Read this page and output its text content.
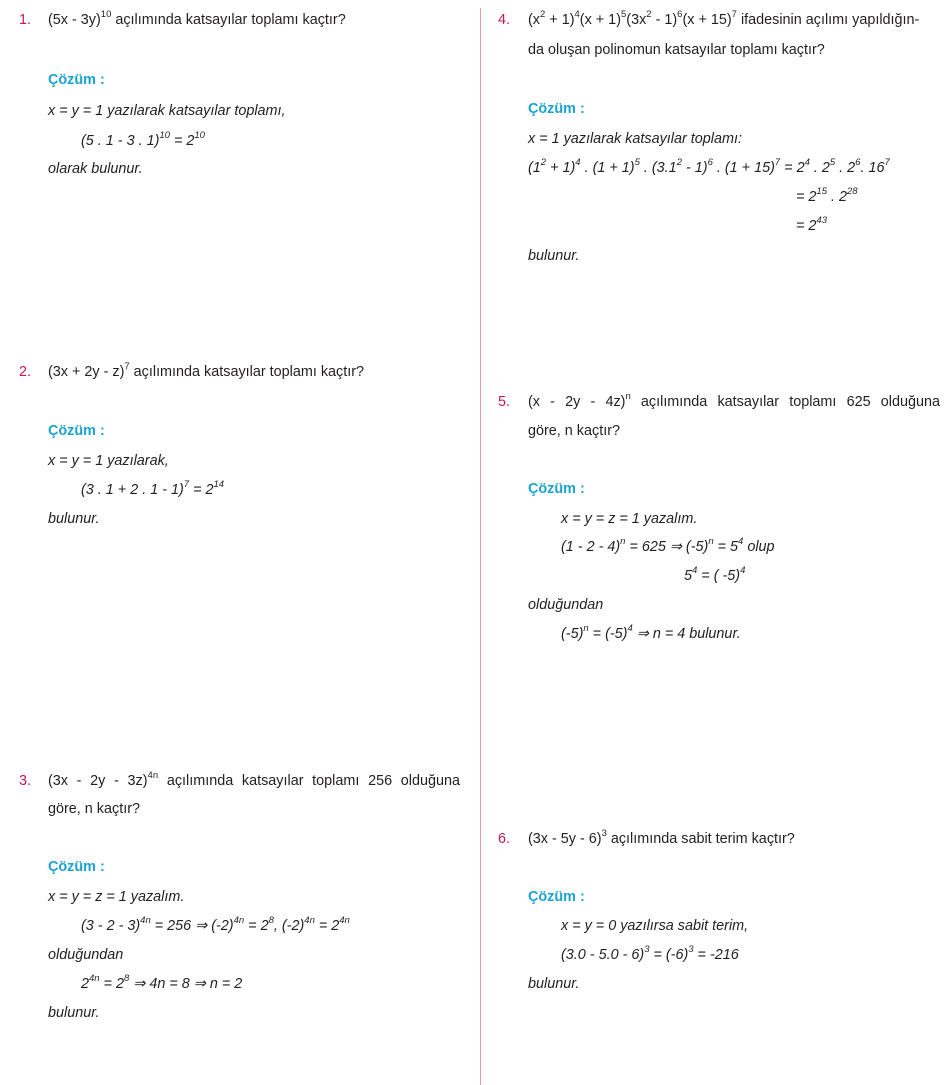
1. (5x - 3y)$^{10}$ açılımında katsayılar toplamı kaçtır?
Çözüm :
x = y = 1 yazılarak katsayılar toplamı,
(5 . 1 - 3 . $1)^{10} = 2^{10}$
olarak bulunur.
2. $(3x + 2y - z)^7$ açılımında katsayılar toplamı kaçtır?
Çözüm :
x = y = 1 yazılarak,
(3 . 1 + 2 . $1 - 1)^7 = 2^{14}$
bulunur.
3. (3x - 2y - 3z)$^{4n}$ açılımında katsayılar toplamı 256 olduğuna
göre, n kaçtır?
Çözüm :
x = y = z = 1 yazalım.
(3 - 2 - 3)$^{4n}$ = 256 ⇒ $(-2)^{4n} = 2^8$, $(-2)^{4n} = 2^{4n}$
olduğundan
$2^{4n} = 2^8$ ⇒ 4n = 8 ⇒ n = 2
bulunur.
4. $(x^2 + 1)^4(x + 1)^5(3x^2 - 1)^6(x + 15)^7$ ifadesinin açılımı yapıldığın-
da oluşan polinomun katsayılar toplamı kaçtır?
Çözüm :
x = 1 yazılarak katsayılar toplamı:
$(1^2 + 1)^4$ . $(1 + 1)^5$ . $(3.1^2 - 1)^6$ . $(1 + 15)^7 = 2^4$ . $2^5$ . $2^6$. $16^7$
= $2^{15}$ . $2^{28}$
= $2^{43}$
bulunur.
5. (x - 2y - 4z)$^n$ açılımında katsayılar toplamı 625 olduğuna
göre, n kaçtır?
Çözüm :
x = y = z = 1 yazalım.
(1 - 2 - 4)$^n$ = 625 ⇒ $(-5)^n = 5^4$ olup
$5^4$ = ( -5)$^4$
olduğundan
$(-5)^n = (-5)^4$ ⇒ n = 4 bulunur.
6. (3x - 5y - 6)$^3$ açılımında sabit terim kaçtır?
Çözüm :
x = y = 0 yazılırsa sabit terim,
$(3.0 - 5.0 - 6)^3 = (-6)^3 = -216$
bulunur.
